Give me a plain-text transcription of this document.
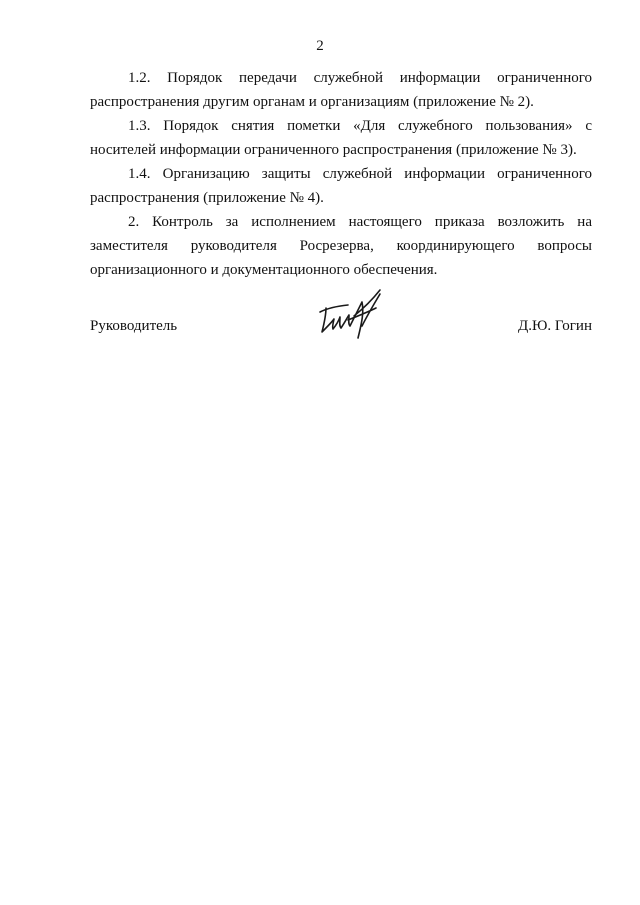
2

1.2. Порядок передачи служебной информации ограниченного распространения другим органам и организациям (приложение № 2).

1.3. Порядок снятия пометки «Для служебного пользования» с носителей информации ограниченного распространения (приложение № 3).

1.4. Организацию защиты служебной информации ограниченного распространения (приложение № 4).

2. Контроль за исполнением настоящего приказа возложить на заместителя руководителя Росрезерва, координирующего вопросы организационного и документационного обеспечения.

Руководитель	Д.Ю. Гогин
